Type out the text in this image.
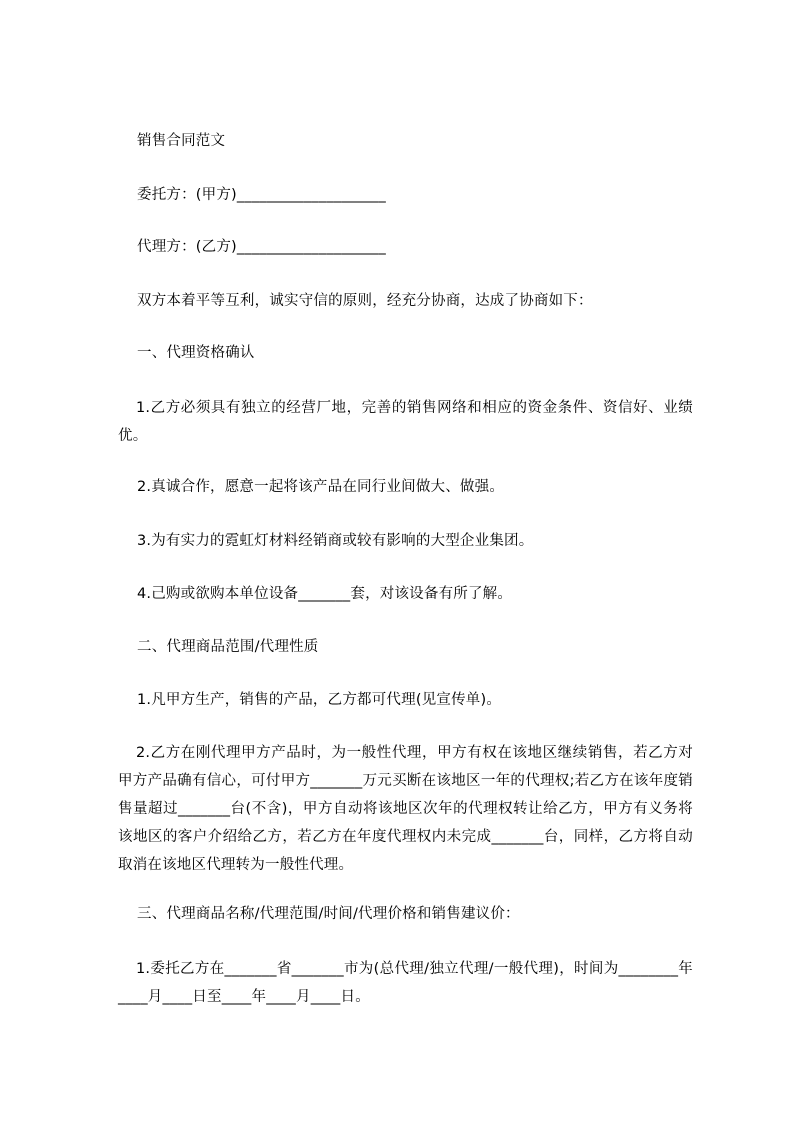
销售合同范文
委托方：(甲方)____________________
代理方：(乙方)____________________
双方本着平等互利，诚实守信的原则，经充分协商，达成了协商如下：
一、代理资格确认
1.乙方必须具有独立的经营厂地，完善的销售网络和相应的资金条件、资信好、业绩优。
2.真诚合作，愿意一起将该产品在同行业间做大、做强。
3.为有实力的霓虹灯材料经销商或较有影响的大型企业集团。
4.己购或欲购本单位设备_______套，对该设备有所了解。
二、代理商品范围/代理性质
1.凡甲方生产，销售的产品，乙方都可代理(见宣传单)。
2.乙方在刚代理甲方产品时，为一般性代理，甲方有权在该地区继续销售，若乙方对甲方产品确有信心，可付甲方_______万元买断在该地区一年的代理权;若乙方在该年度销售量超过_______台(不含)，甲方自动将该地区次年的代理权转让给乙方，甲方有义务将该地区的客户介绍给乙方，若乙方在年度代理权内未完成_______台，同样，乙方将自动取消在该地区代理转为一般性代理。
三、代理商品名称/代理范围/时间/代理价格和销售建议价：
1.委托乙方在_______省_______市为(总代理/独立代理/一般代理)，时间为________年____月____日至____年____月____日。
